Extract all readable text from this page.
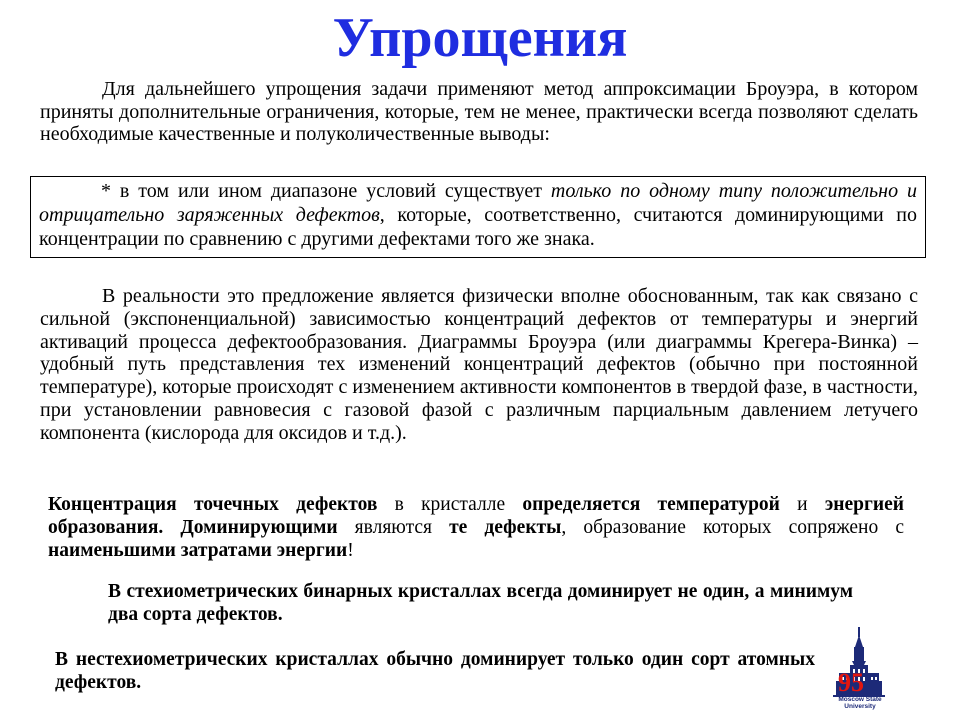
Упрощения

Для дальнейшего упрощения задачи применяют метод аппроксимации Броуэра, в котором приняты дополнительные ограничения, которые, тем не менее, практически всегда позволяют сделать необходимые качественные и полуколичественные выводы:

* в том или ином диапазоне условий существует только по одному типу положительно и отрицательно заряженных дефектов, которые, соответственно, считаются доминирующими по концентрации по сравнению с другими дефектами того же знака.

В реальности это предложение является физически вполне обоснованным, так как связано с сильной (экспоненциальной) зависимостью концентраций дефектов от температуры и энергий активаций процесса дефектообразования. Диаграммы Броуэра (или диаграммы Крегера-Винка) – удобный путь представления тех изменений концентраций дефектов (обычно при постоянной температуре), которые происходят с изменением активности компонентов в твердой фазе, в частности, при установлении равновесия с газовой фазой с различным парциальным давлением летучего компонента (кислорода для оксидов и т.д.).

Концентрация точечных дефектов в кристалле определяется температурой и энергией образования. Доминирующими являются те дефекты, образование которых сопряжено с наименьшими затратами энергии!

В стехиометрических бинарных кристаллах всегда доминирует не один, а минимум два сорта дефектов.

В нестехиометрических кристаллах обычно доминирует только один сорт атомных дефектов.	95
Moscow State
University
